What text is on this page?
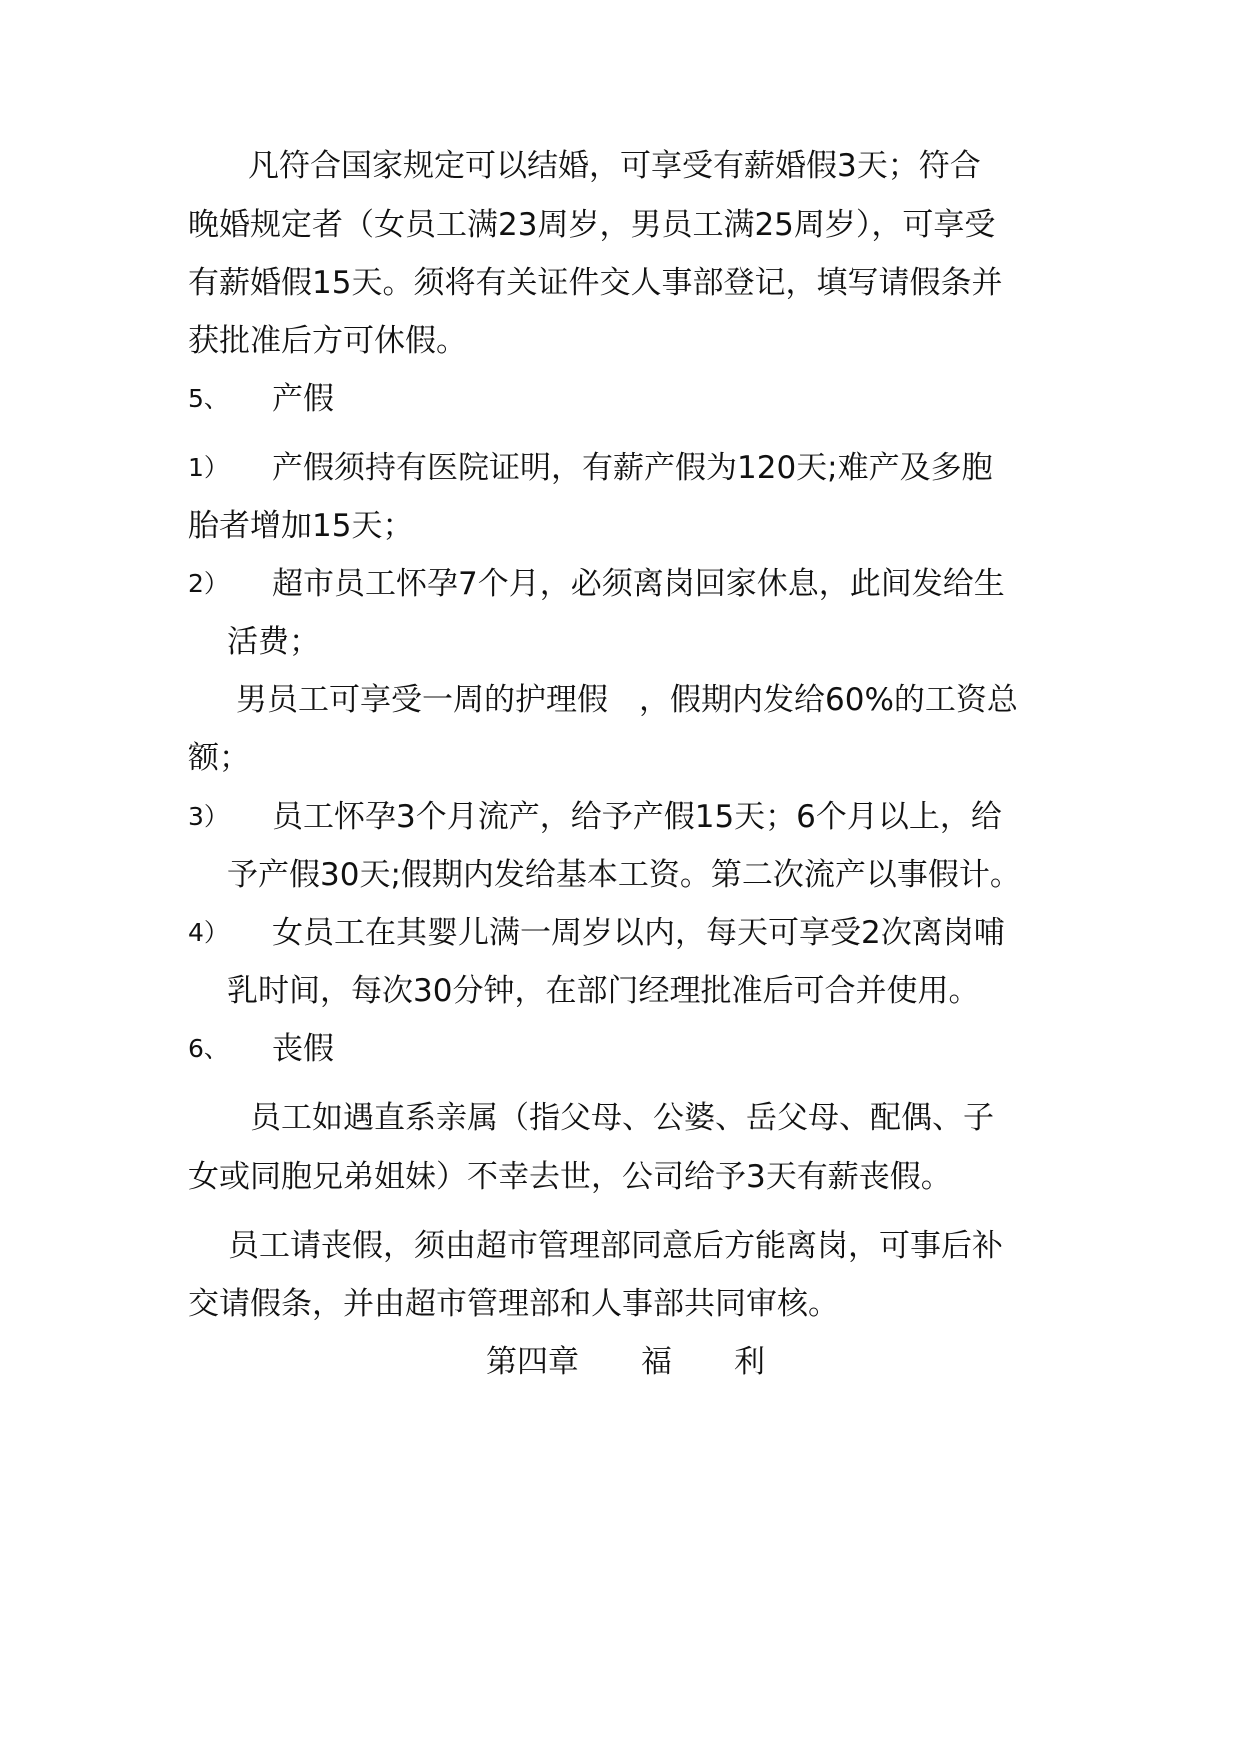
凡符合国家规定可以结婚，可享受有薪婚假3天；符合
晚婚规定者（女员工满23周岁，男员工满25周岁），可享受
有薪婚假15天。须将有关证件交人事部登记，填写请假条并
获批准后方可休假。
5、 产假
1） 产假须持有医院证明，有薪产假为120天;难产及多胞
胎者增加15天；
2） 超市员工怀孕7个月，必须离岗回家休息，此间发给生
活费；
男员工可享受一周的护理假　，假期内发给60%的工资总
额；
3） 员工怀孕3个月流产，给予产假15天；6个月以上，给
予产假30天;假期内发给基本工资。第二次流产以事假计。
4） 女员工在其婴儿满一周岁以内，每天可享受2次离岗哺
乳时间，每次30分钟，在部门经理批准后可合并使用。
6、 丧假
员工如遇直系亲属（指父母、公婆、岳父母、配偶、子
女或同胞兄弟姐妹）不幸去世，公司给予3天有薪丧假。
员工请丧假，须由超市管理部同意后方能离岗，可事后补
交请假条，并由超市管理部和人事部共同审核。
第四章　　福　　利
